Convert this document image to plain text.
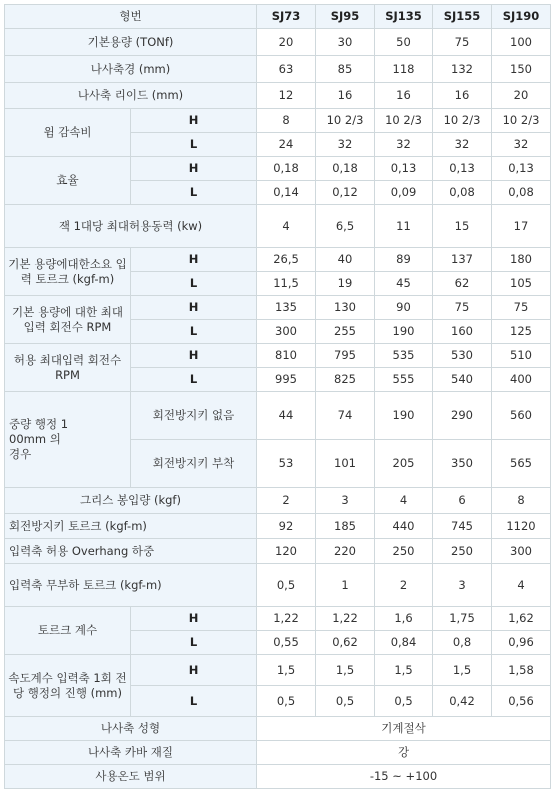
형번		SJ73	SJ95	SJ135	SJ155	SJ190
기본용량 (TONf)		20	30	50	75	100
나사축경 (mm)		63	85	118	132	150
나사축 리이드 (mm)		12	16	16	16	20
윔 감속비	H	8	10 2/3	10 2/3	10 2/3	10 2/3
	L	24	32	32	32	32
효율	H	0,18	0,18	0,13	0,13	0,13
	L	0,14	0,12	0,09	0,08	0,08
잭 1대당 최대허용동력 (kw)		4	6,5	11	15	17
기본 용량에대한소요 입력 토르크 (kgf-m)	H	26,5	40	89	137	180
	L	11,5	19	45	62	105
기본 용량에 대한 최대 입력 회전수 RPM	H	135	130	90	75	75
	L	300	255	190	160	125
허용 최대입력 회전수 RPM	H	810	795	535	530	510
	L	995	825	555	540	400

중량 행정 100mm 의 경우	회전방지키 없음	44	74	190	290	560
	회전방지키 부착	53	101	205	350	565
그리스 봉입량 (kgf)		2	3	4	6	8
회전방지키 토르크 (kgf-m)		92	185	440	745	1120
입력축 허용 Overhang 하중		120	220	250	250	300

입력축 무부하 토르크 (kgf-m)		0,5	1	2	3	4
토르크 계수	H	1,22	1,22	1,6	1,75	1,62
	L	0,55	0,62	0,84	0,8	0,96
속도계수 입력축 1회 전당 행정의 진행 (mm)	H	1,5	1,5	1,5	1,5	1,58
	L	0,5	0,5	0,5	0,42	0,56
나사축 성형		기계절삭				
나사축 카바 재질		강				
사용온도 범위		-15 ~ +100				
